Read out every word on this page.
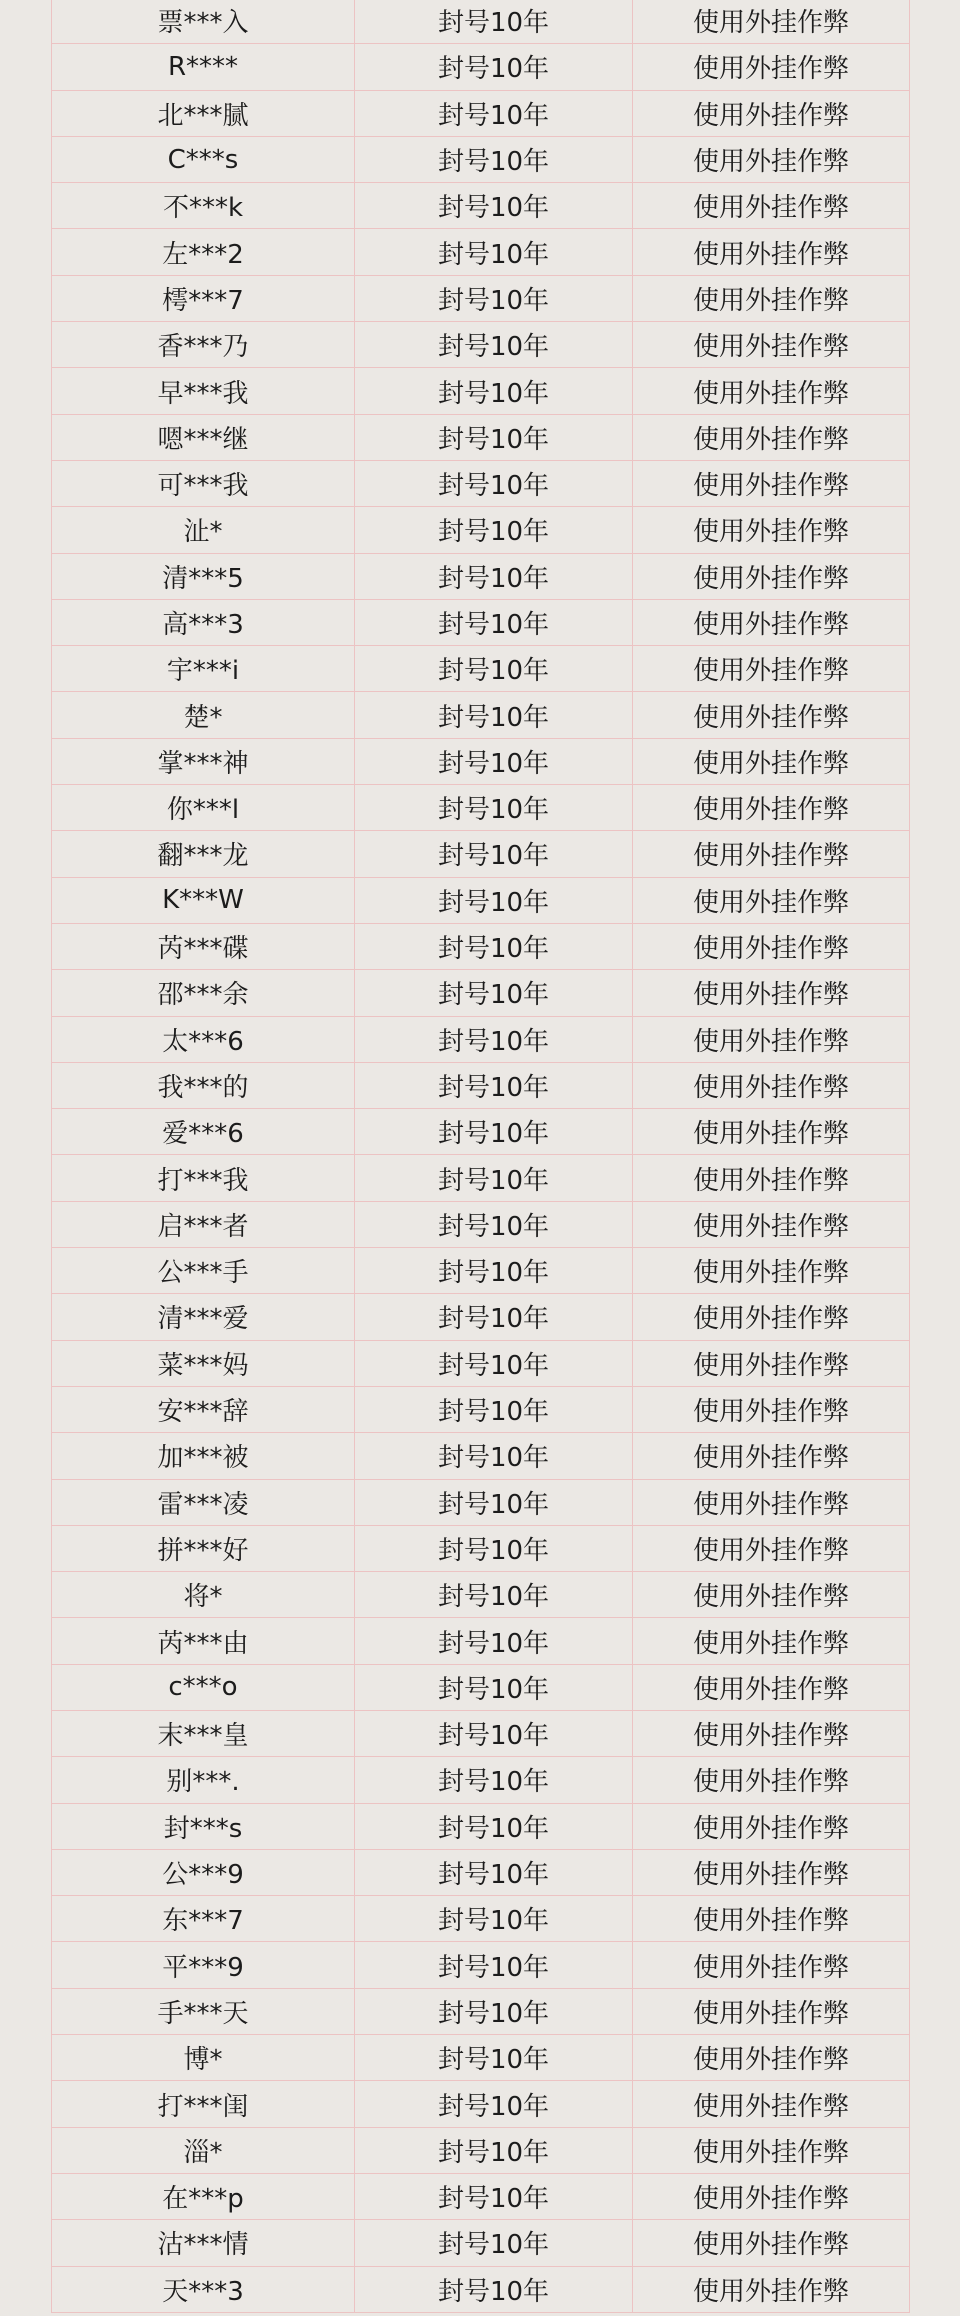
票***入	封号10年	使用外挂作弊
R****	封号10年	使用外挂作弊
北***腻	封号10年	使用外挂作弊
C***s	封号10年	使用外挂作弊
不***k	封号10年	使用外挂作弊
左***2	封号10年	使用外挂作弊
樗***7	封号10年	使用外挂作弊
香***乃	封号10年	使用外挂作弊
早***我	封号10年	使用外挂作弊
嗯***继	封号10年	使用外挂作弊
可***我	封号10年	使用外挂作弊
沚*	封号10年	使用外挂作弊
清***5	封号10年	使用外挂作弊
高***3	封号10年	使用外挂作弊
宇***i	封号10年	使用外挂作弊
楚*	封号10年	使用外挂作弊
掌***神	封号10年	使用外挂作弊
你***l	封号10年	使用外挂作弊
翻***龙	封号10年	使用外挂作弊
K***W	封号10年	使用外挂作弊
芮***碟	封号10年	使用外挂作弊
邵***余	封号10年	使用外挂作弊
太***6	封号10年	使用外挂作弊
我***的	封号10年	使用外挂作弊
爱***6	封号10年	使用外挂作弊
打***我	封号10年	使用外挂作弊
启***者	封号10年	使用外挂作弊
公***手	封号10年	使用外挂作弊
清***爱	封号10年	使用外挂作弊
菜***妈	封号10年	使用外挂作弊
安***辞	封号10年	使用外挂作弊
加***被	封号10年	使用外挂作弊
雷***凌	封号10年	使用外挂作弊
拼***好	封号10年	使用外挂作弊
将*	封号10年	使用外挂作弊
芮***由	封号10年	使用外挂作弊
c***o	封号10年	使用外挂作弊
末***皇	封号10年	使用外挂作弊
别***.	封号10年	使用外挂作弊
封***s	封号10年	使用外挂作弊
公***9	封号10年	使用外挂作弊
东***7	封号10年	使用外挂作弊
平***9	封号10年	使用外挂作弊
手***天	封号10年	使用外挂作弊
博*	封号10年	使用外挂作弊
打***闺	封号10年	使用外挂作弊
淄*	封号10年	使用外挂作弊
在***p	封号10年	使用外挂作弊
沽***情	封号10年	使用外挂作弊
天***3	封号10年	使用外挂作弊
